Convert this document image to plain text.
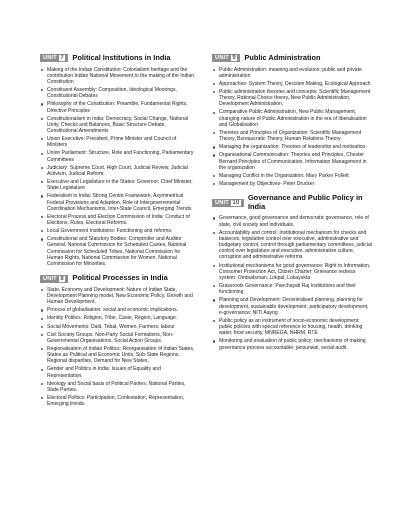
UNIT 7 Political Institutions in India
Making of the Indian Constitution: Colonialism heritage and the contribution Indian National Movement to the making of the Indian Constitution
Constituent Assembly: Composition, Ideological Moorings, Constitutional Debates
Philosophy of the Constitution: Preamble, Fundamental Rights, Directive Principles
Constitutionalism in India: Democracy, Social Change, National Unity, Checks and Balances, Basic Structure Debate, Constitutional Amendments
Union Executive: President, Prime Minister and Council of Ministers
Union Parliament: Structure, Role and Functioning, Parliamentary Committees
Judiciary: Supreme Court, High Court, Judicial Review, Judicial Activism, Judicial Reform.
Executive and Legislature in the States: Governor, Chief Minister, State Legislature
Federalism in India: Strong Centre Framework, Asymmetrical Federal Provisions and Adaption, Role of Intergovernmental Coordination Mechanisms, Inter-State Council, Emerging Trends.
Electoral Process and Election Commission of India: Conduct of Elections, Rules, Electoral Reforms.
Local Government Institutions: Functioning and reforms.
Constitutional and Statutory Bodies: Comptroller and Auditor General, National Commission for Scheduled Castes, National Commission for Scheduled Tribes, National Commission for Human Rights, National Commission for Women, National Commission for Minorities.
UNIT 8 Political Processes in India
State, Economy and Development: Nature of Indian State, Development Planning model, New Economic Policy, Growth and Human Development.
Process of globalisation: social and economic implications.
Identity Politics: Religion, Tribe, Caste, Region, Language.
Social Movements: Dalit, Tribal, Women, Farmers, labour
Civil Society Groups: Non-Party Social Formations, Non-Governmental Organisations, Social Action Groups.
Regionalisation of Indian Politics: Reorganisation of Indian States, States as Political and Economic Units, Sub-State Regions, Regional disparities, Demand for New States,
Gender and Politics in India: Issues of Equality and Representation.
Ideology and Social basis of Political Parties: National Parties, State Parties.
Electoral Politics: Participation, Contestation, Representation, Emerging trends.
UNIT 9 Public Administration
Public Administration: meaning and evolution; public and private administration
Approaches: System Theory, Decision Making, Ecological Approach
Public administration theories and concepts: Scientific Management Theory, Rational Choice theory, New Public Administration, Development Administration,
Comparative Public Administration, New Public Management, changing nature of Public Administration in the era of liberalisation and Globalisation
Theories and Principles of Organization: Scientific Management Theory, Bureaucratic Theory, Human Relations Theory
Managing the organization: Theories of leadership and motivation.
Organisational Communication: Theories and Principles, Chester Bernard Principles of Communication, Information Management in the organization
Managing Conflict in the Organization: Mary Parker Follett
Management by Objectives- Peter Drucker
UNIT 10
Governance and Public Policy in India
Governance, good governance and democratic governance, role of state, civil society and individuals.
Accountability and control: Institutional mechanism for checks and balances, legislative control over executive, administrative and budgetary control, control through parliamentary committees, judicial control over legislature and executive, administrative culture, corruption and administrative reforms
Institutional mechanisms for good governance: Right to Information, Consumer Protection Act, Citizen Charter; Grievance redress system: Ombudsman, Lokpal, Lokayukta
Grassroots Governance: Panchayati Raj Institutions and their functioning
Planning and Development: Decentralised planning, planning for development, sustainable development, participatory development, e-governance; NITI Aayog
Public policy as an instrument of socio-economic development: public policies with special reference to housing, health, drinking water, food security, MNREGA, NHRM, RTE
Monitoring and evaluation of public policy; mechanisms of making governance process accountable: jansunwai, social audit.
